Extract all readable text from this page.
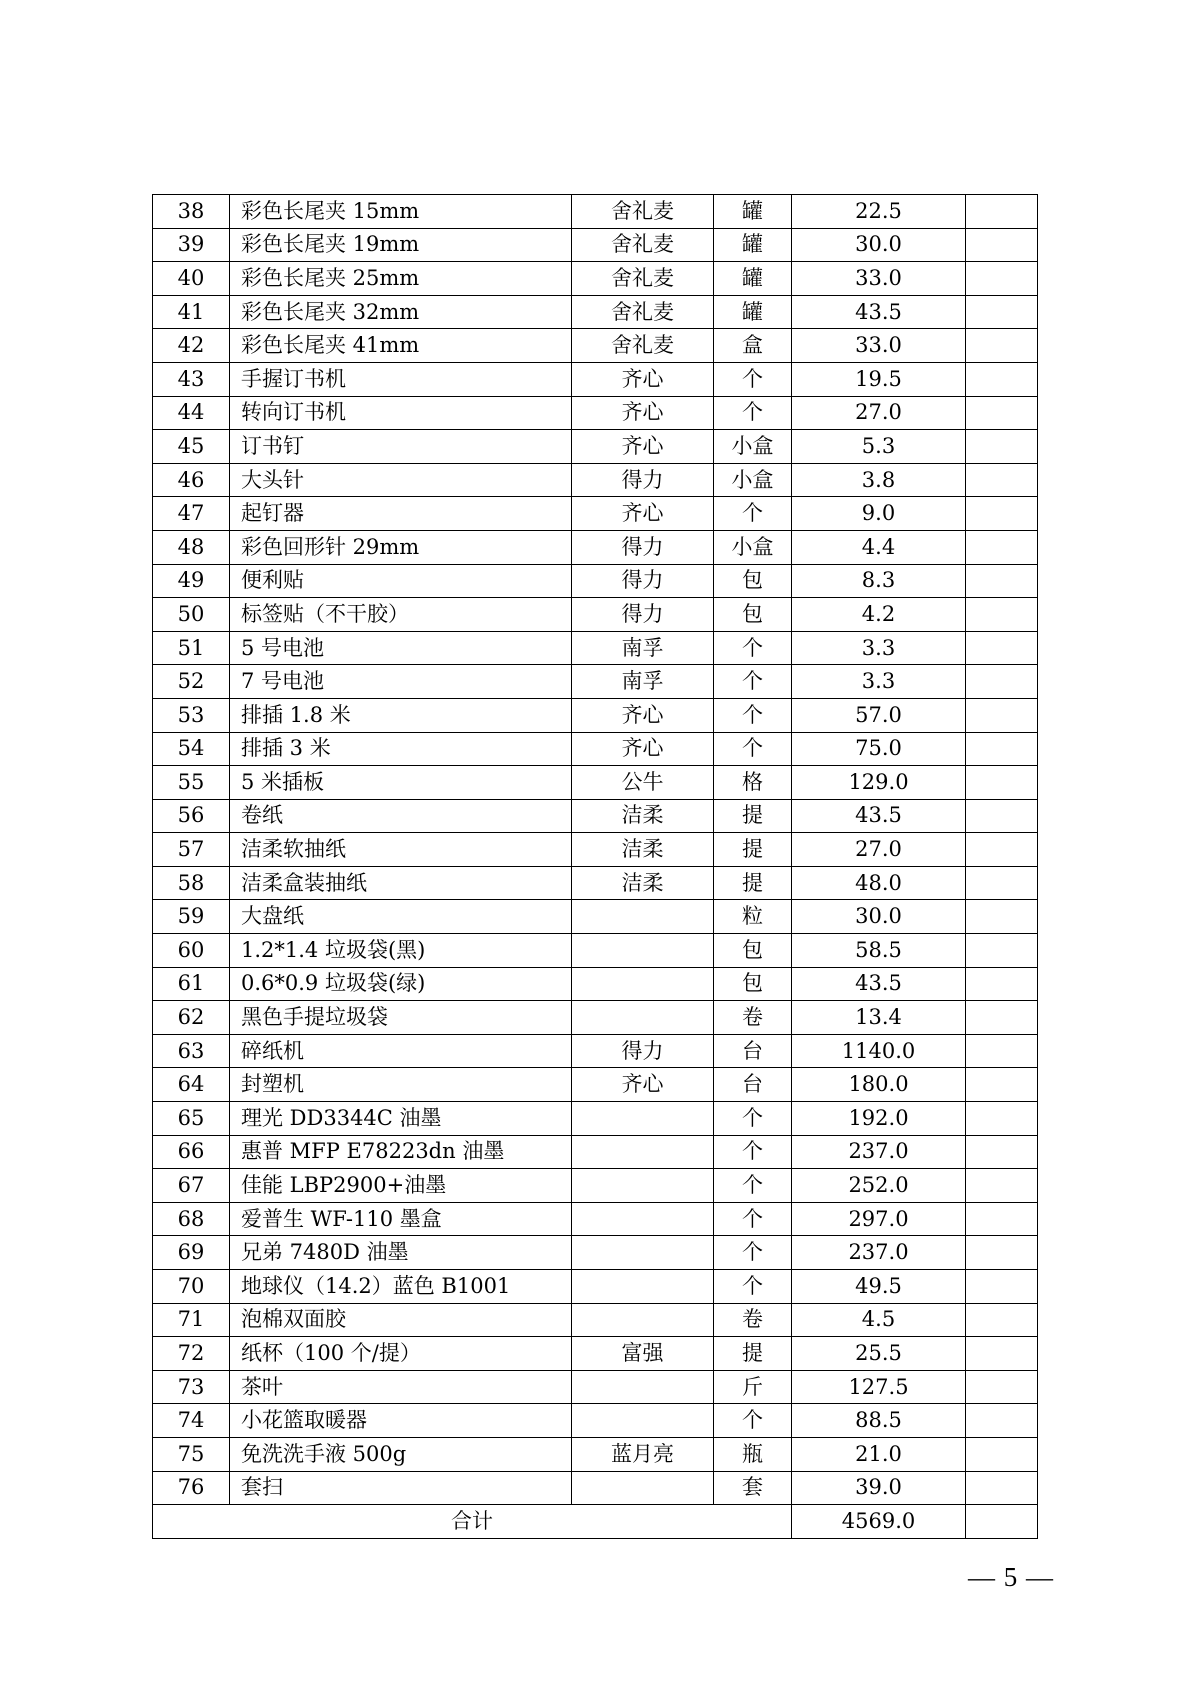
38	彩色长尾夹 15mm	舍礼麦	罐	22.5	
39	彩色长尾夹 19mm	舍礼麦	罐	30.0	
40	彩色长尾夹 25mm	舍礼麦	罐	33.0	
41	彩色长尾夹 32mm	舍礼麦	罐	43.5	
42	彩色长尾夹 41mm	舍礼麦	盒	33.0	
43	手握订书机	齐心	个	19.5	
44	转向订书机	齐心	个	27.0	
45	订书钉	齐心	小盒	5.3	
46	大头针	得力	小盒	3.8	
47	起钉器	齐心	个	9.0	
48	彩色回形针 29mm	得力	小盒	4.4	
49	便利贴	得力	包	8.3	
50	标签贴（不干胶）	得力	包	4.2	
51	5 号电池	南孚	个	3.3	
52	7 号电池	南孚	个	3.3	
53	排插 1.8 米	齐心	个	57.0	
54	排插 3 米	齐心	个	75.0	
55	5 米插板	公牛	格	129.0	
56	卷纸	洁柔	提	43.5	
57	洁柔软抽纸	洁柔	提	27.0	
58	洁柔盒装抽纸	洁柔	提	48.0	
59	大盘纸		粒	30.0	
60	1.2*1.4 垃圾袋(黑)		包	58.5	
61	0.6*0.9 垃圾袋(绿)		包	43.5	
62	黑色手提垃圾袋		卷	13.4	
63	碎纸机	得力	台	1140.0	
64	封塑机	齐心	台	180.0	
65	理光 DD3344C 油墨		个	192.0	
66	惠普 MFP E78223dn 油墨		个	237.0	
67	佳能 LBP2900+油墨		个	252.0	
68	爱普生 WF-110 墨盒		个	297.0	
69	兄弟 7480D 油墨		个	237.0	
70	地球仪（14.2）蓝色 B1001		个	49.5	
71	泡棉双面胶		卷	4.5	
72	纸杯（100 个/提）	富强	提	25.5	
73	茶叶		斤	127.5	
74	小花篮取暖器		个	88.5	
75	免洗洗手液 500g	蓝月亮	瓶	21.0	
76	套扫		套	39.0	
合计				4569.0	
— 5 —
